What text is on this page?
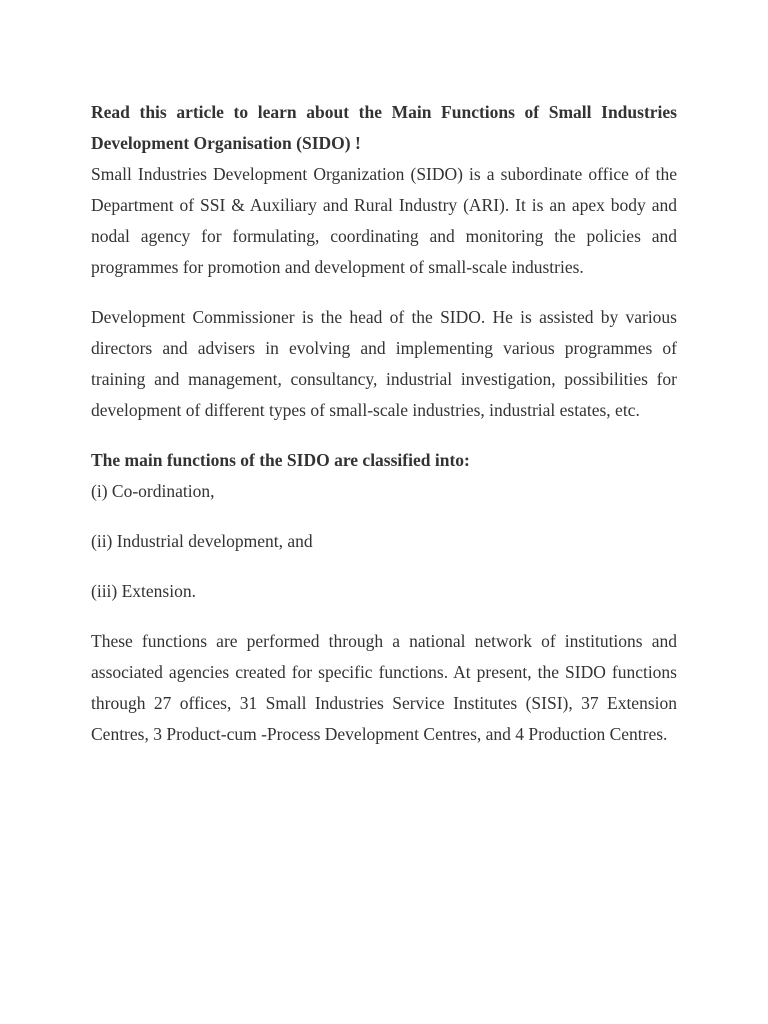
Read this article to learn about the Main Functions of Small Industries Development Organisation (SIDO) !

Small Industries Development Organization (SIDO) is a subordinate office of the Department of SSI & Auxiliary and Rural Industry (ARI). It is an apex body and nodal agency for formulating, coordinating and monitoring the policies and programmes for promotion and development of small-scale industries.

Development Commissioner is the head of the SIDO. He is assisted by various directors and advisers in evolving and implementing various programmes of training and management, consultancy, industrial investigation, possibilities for development of different types of small-scale industries, industrial estates, etc.

The main functions of the SIDO are classified into:

(i) Co-ordination,

(ii) Industrial development, and

(iii) Extension.

These functions are performed through a national network of institutions and associated agencies created for specific functions. At present, the SIDO functions through 27 offices, 31 Small Industries Service Institutes (SISI), 37 Extension Centres, 3 Product-cum -Process Development Centres, and 4 Production Centres.
